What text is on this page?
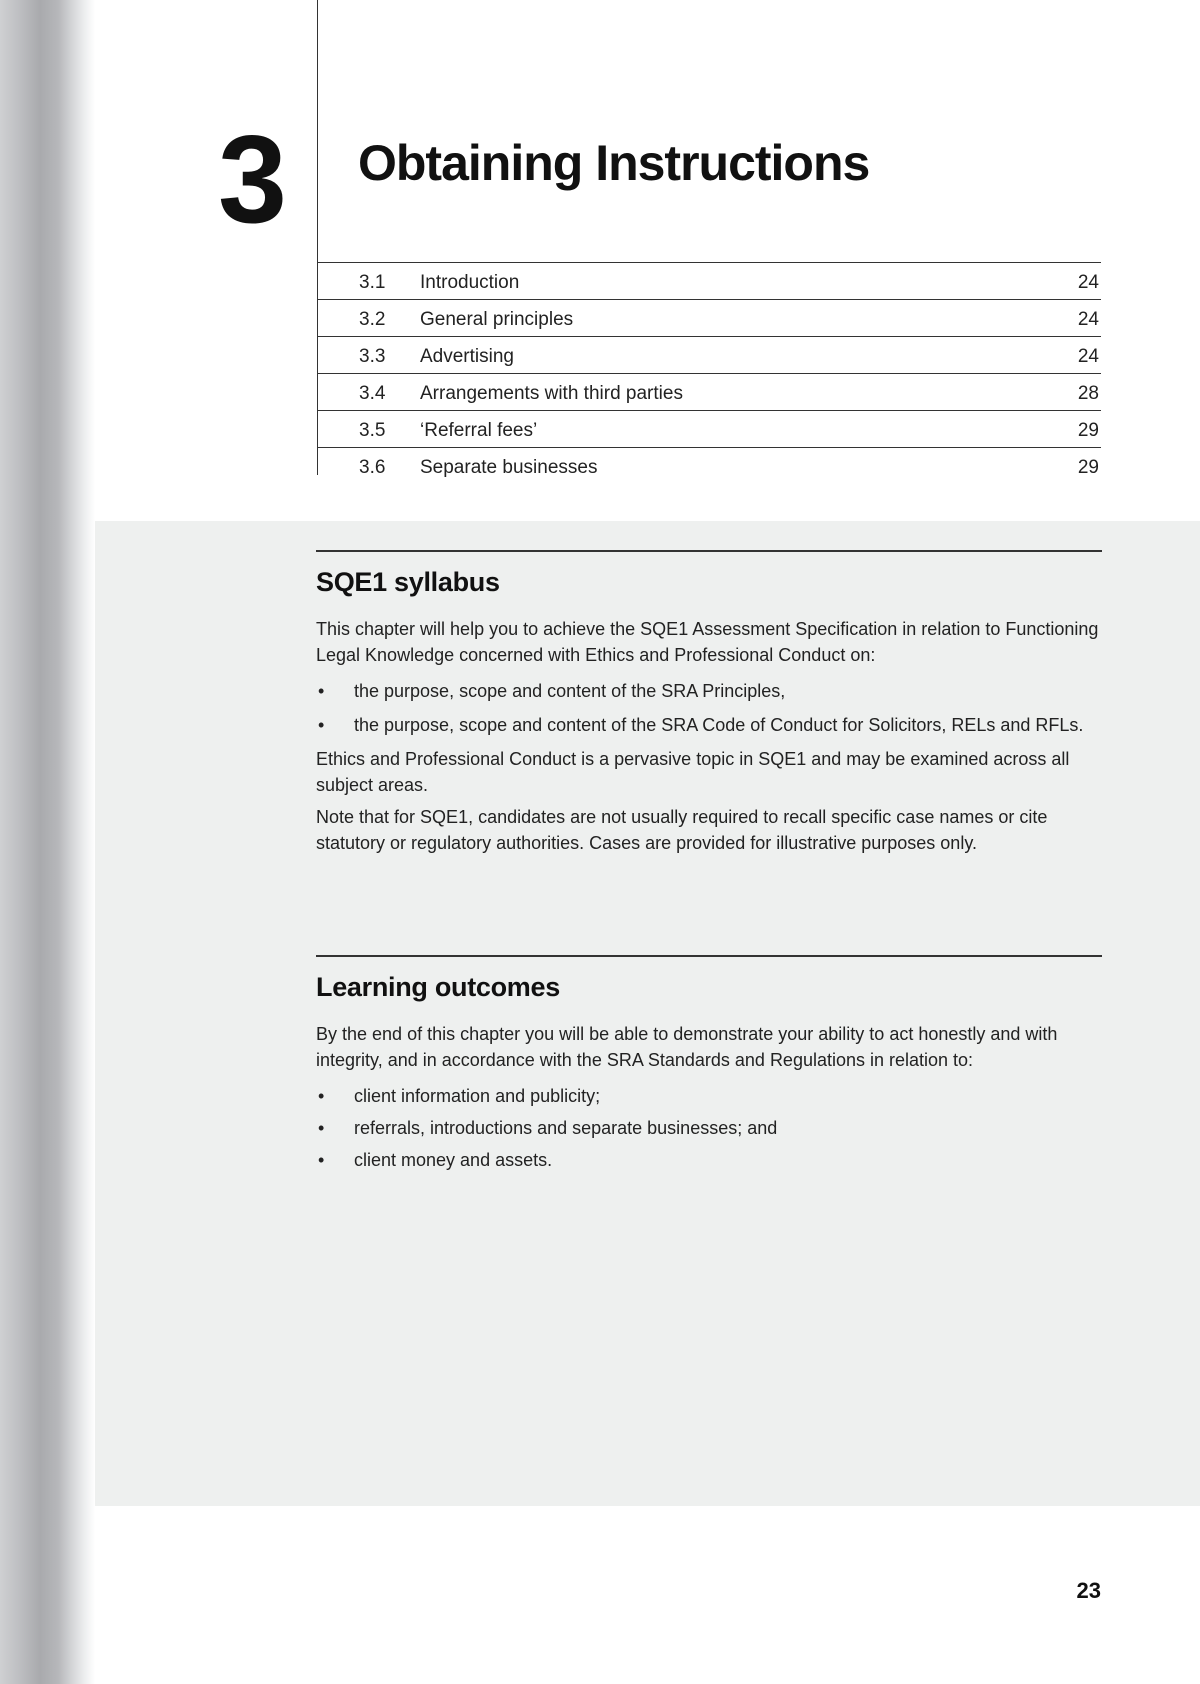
3 Obtaining Instructions
3.1 Introduction	24
3.2 General principles	24
3.3 Advertising	24
3.4 Arrangements with third parties	28
3.5 ‘Referral fees’	29
3.6 Separate businesses	29
SQE1 syllabus

This chapter will help you to achieve the SQE1 Assessment Specification in relation to Functioning Legal Knowledge concerned with Ethics and Professional Conduct on:

• the purpose, scope and content of the SRA Principles,
• the purpose, scope and content of the SRA Code of Conduct for Solicitors, RELs and RFLs.

Ethics and Professional Conduct is a pervasive topic in SQE1 and may be examined across all subject areas.

Note that for SQE1, candidates are not usually required to recall specific case names or cite statutory or regulatory authorities. Cases are provided for illustrative purposes only.

Learning outcomes

By the end of this chapter you will be able to demonstrate your ability to act honestly and with integrity, and in accordance with the SRA Standards and Regulations in relation to:

• client information and publicity;
• referrals, introductions and separate businesses; and
• client money and assets.
23
